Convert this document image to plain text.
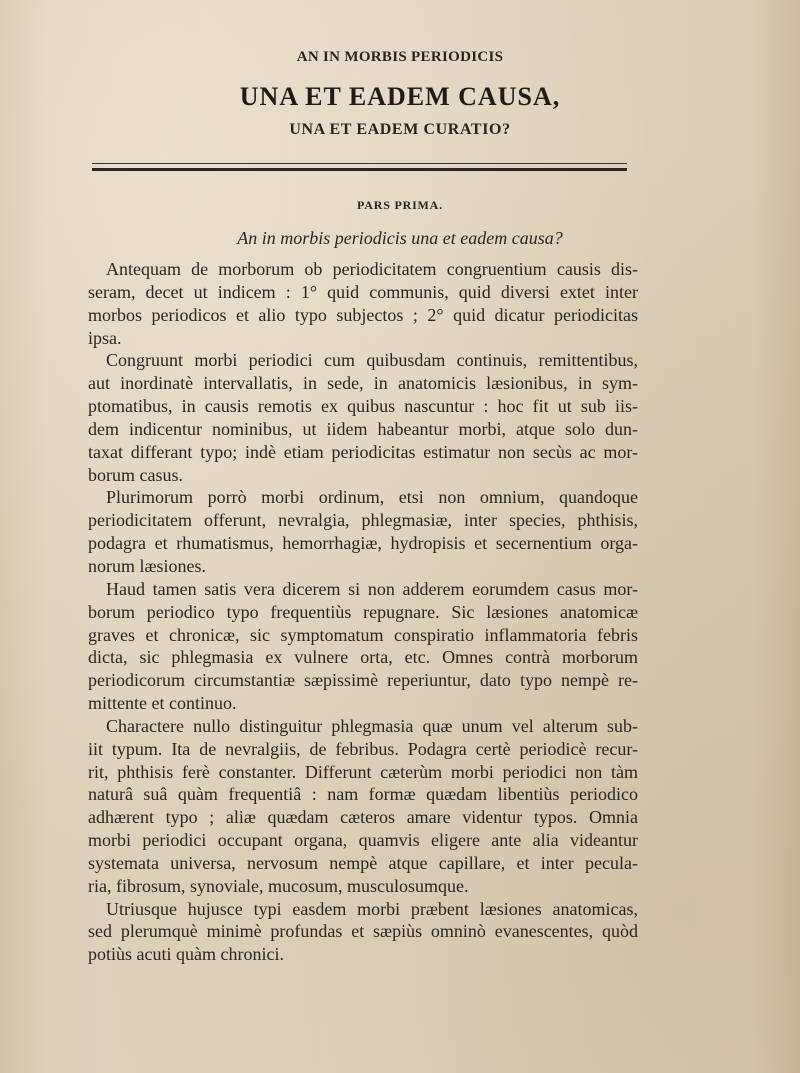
AN IN MORBIS PERIODICIS
UNA ET EADEM CAUSA,
UNA ET EADEM CURATIO?
PARS PRIMA.
An in morbis periodicis una et eadem causa?
Antequam de morborum ob periodicitatem congruentium causis dis-
seram, decet ut indicem : 1° quid communis, quid diversi extet inter
morbos periodicos et alio typo subjectos ; 2° quid dicatur periodicitas
ipsa.
Congruunt morbi periodici cum quibusdam continuis, remittentibus,
aut inordinatè intervallatis, in sede, in anatomicis læsionibus, in sym-
ptomatibus, in causis remotis ex quibus nascuntur : hoc fit ut sub iis-
dem indicentur nominibus, ut iidem habeantur morbi, atque solo dun-
taxat differant typo; indè etiam periodicitas estimatur non secùs ac mor-
borum casus.
Plurimorum porrò morbi ordinum, etsi non omnium, quandoque
periodicitatem offerunt, nevralgia, phlegmasiæ, inter species, phthisis,
podagra et rhumatismus, hemorrhagiæ, hydropisis et secernentium orga-
norum læsiones.
Haud tamen satis vera dicerem si non adderem eorumdem casus mor-
borum periodico typo frequentiùs repugnare. Sic læsiones anatomicæ
graves et chronicæ, sic symptomatum conspiratio inflammatoria febris
dicta, sic phlegmasia ex vulnere orta, etc. Omnes contrà morborum
periodicorum circumstantiæ sæpissimè reperiuntur, dato typo nempè re-
mittente et continuo.
Charactere nullo distinguitur phlegmasia quæ unum vel alterum sub-
iit typum. Ita de nevralgiis, de febribus. Podagra certè periodicè recur-
rit, phthisis ferè constanter. Differunt cæterùm morbi periodici non tàm
naturâ suâ quàm frequentiâ : nam formæ quædam libentiùs periodico
adhærent typo ; aliæ quædam cæteros amare videntur typos. Omnia
morbi periodici occupant organa, quamvis eligere ante alia videantur
systemata universa, nervosum nempè atque capillare, et inter pecula-
ria, fibrosum, synoviale, mucosum, musculosumque.
Utriusque hujusce typi easdem morbi præbent læsiones anatomicas,
sed plerumquè minimè profundas et sæpiùs omninò evanescentes, quòd
potiùs acuti quàm chronici.
